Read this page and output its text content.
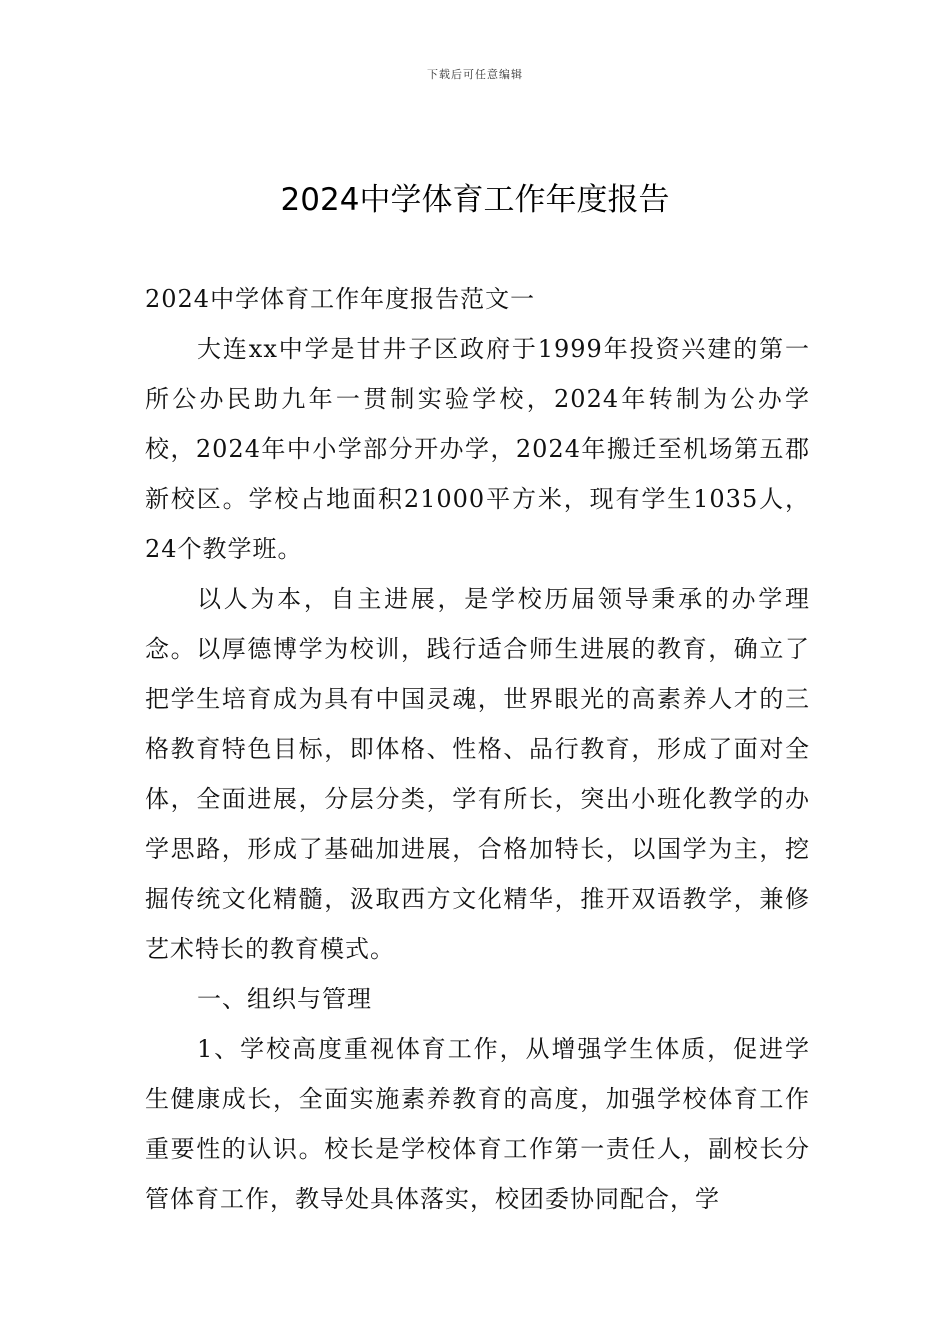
下载后可任意编辑
2024中学体育工作年度报告

2024中学体育工作年度报告范文一

大连xx中学是甘井子区政府于1999年投资兴建的第一所公办民助九年一贯制实验学校，2024年转制为公办学校，2024年中小学部分开办学，2024年搬迁至机场第五郡新校区。学校占地面积21000平方米，现有学生1035人，24个教学班。

以人为本，自主进展，是学校历届领导秉承的办学理念。以厚德博学为校训，践行适合师生进展的教育，确立了把学生培育成为具有中国灵魂，世界眼光的高素养人才的三格教育特色目标，即体格、性格、品行教育，形成了面对全体，全面进展，分层分类，学有所长，突出小班化教学的办学思路，形成了基础加进展，合格加特长，以国学为主，挖掘传统文化精髓，汲取西方文化精华，推开双语教学，兼修艺术特长的教育模式。

一、组织与管理

1、学校高度重视体育工作，从增强学生体质，促进学生健康成长，全面实施素养教育的高度，加强学校体育工作重要性的认识。校长是学校体育工作第一责任人，副校长分管体育工作，教导处具体落实，校团委协同配合，学
